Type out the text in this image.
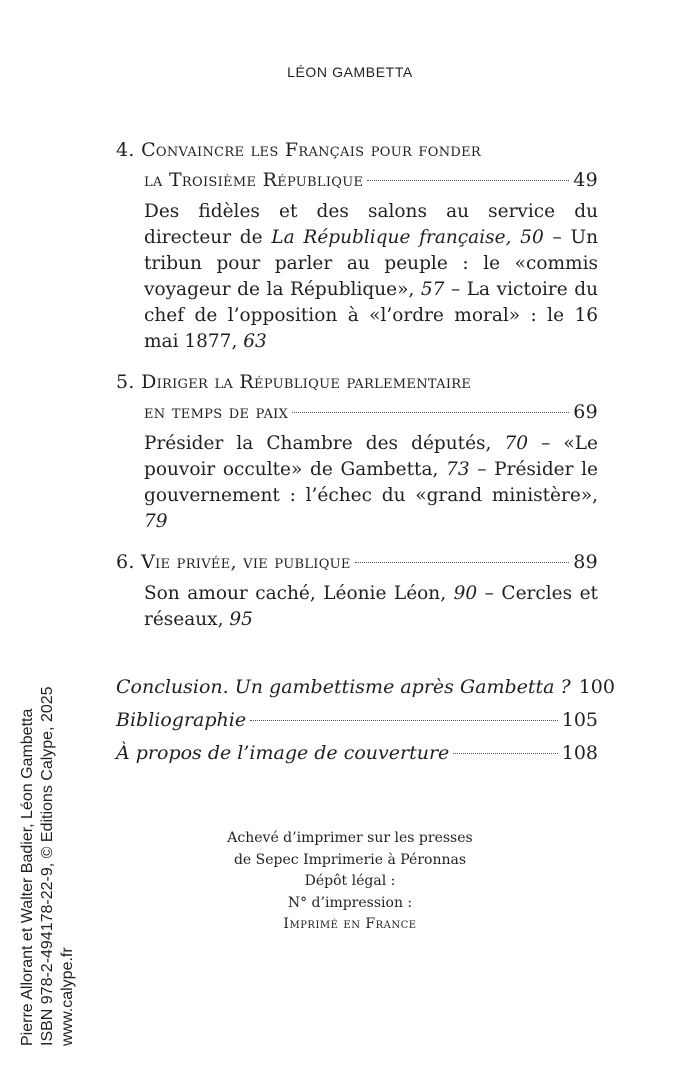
LÉON GAMBETTA
4. Convaincre les Français pour fonder
la Troisième République	49
Des fidèles et des salons au service du directeur de La République française, 50 – Un tribun pour parler au peuple : le «commis voyageur de la République», 57 – La victoire du chef de l’opposition à «l’ordre moral» : le 16 mai 1877, 63
5. Diriger la République parlementaire
en temps de paix	69
Présider la Chambre des députés, 70 – «Le pouvoir occulte» de Gambetta, 73 – Présider le gouvernement : l’échec du «grand ministère», 79
6. Vie privée, vie publique	89
Son amour caché, Léonie Léon, 90 – Cercles et réseaux, 95
Conclusion. Un gambettisme après Gambetta ? 100
Bibliographie	105
À propos de l’image de couverture	108
Achevé d’imprimer sur les presses
de Sepec Imprimerie à Péronnas
Dépôt légal :
N° d’impression :
Imprimé en France
Pierre Allorant et Walter Badier, Léon Gambetta ISBN 978-2-494178-22-9, © Editions Calype, 2025 www.calype.fr
